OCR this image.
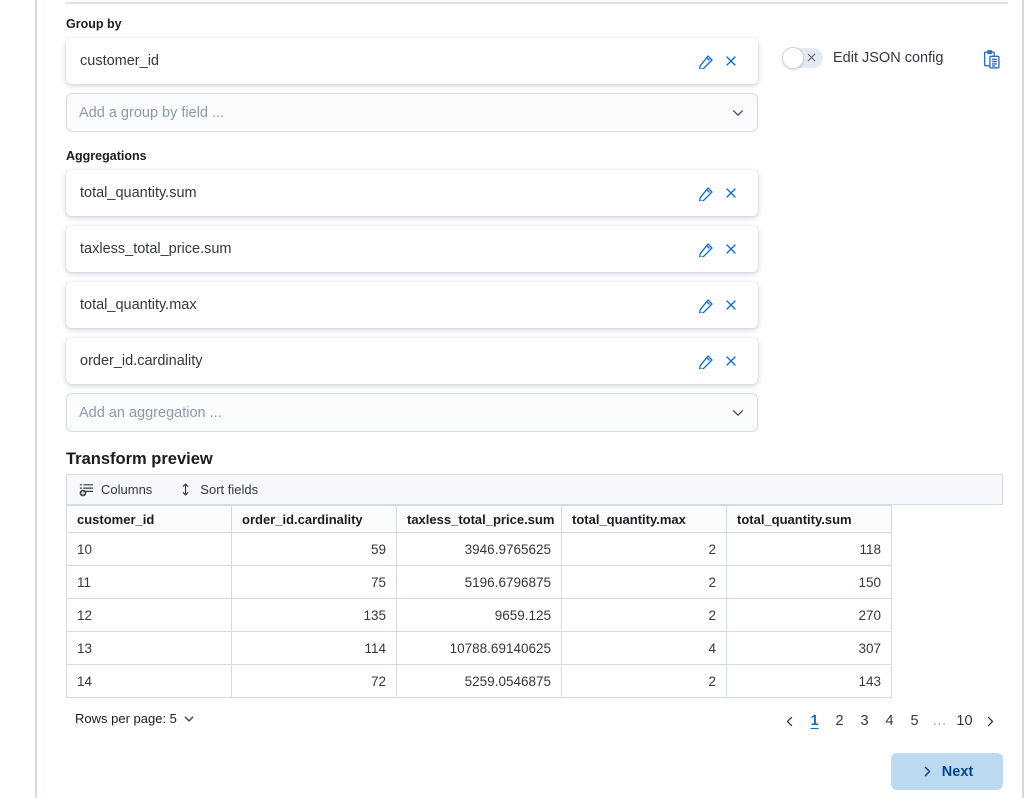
Group by
customer_id
Add a group by field ...
Aggregations
total_quantity.sum
taxless_total_price.sum
total_quantity.max
order_id.cardinality
Add an aggregation ...
Edit JSON config
Transform preview
Columns	Sort fields
customer_id	order_id.cardinality	taxless_total_price.sum	total_quantity.max	total_quantity.sum
10	59	3946.9765625	2	118
11	75	5196.6796875	2	150
12	135	9659.125	2	270
13	114	10788.69140625	4	307
14	72	5259.0546875	2	143
Rows per page: 5	1	2	3	4	5 … 10
Next
